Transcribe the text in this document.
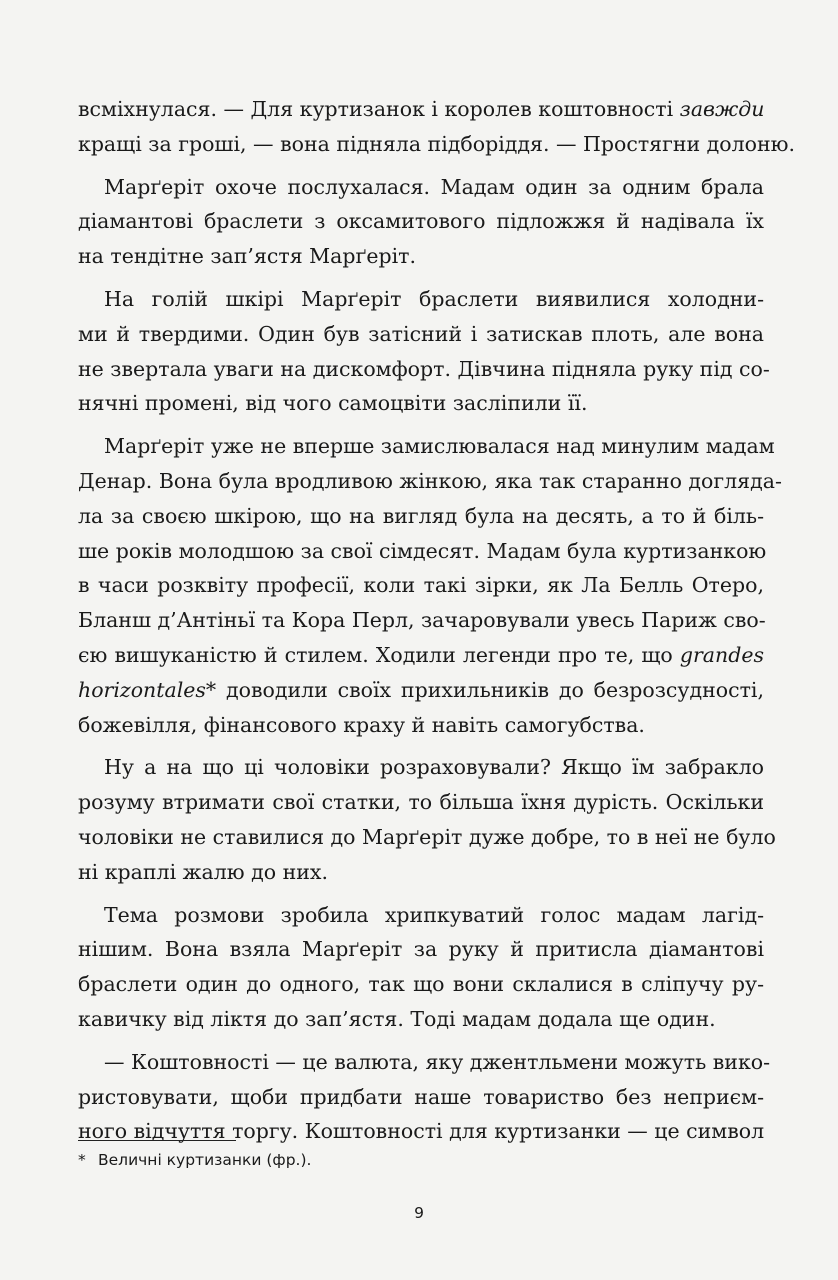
всміхнулася. — Для куртизанок і королев коштовності завжди
кращі за гроші, — вона підняла підборіддя. — Простягни долоню.

Марґеріт охоче послухалася. Мадам один за одним брала
діамантові браслети з оксамитового підложжя й надівала їх
на тендітне зап’ястя Марґеріт.

На голій шкірі Марґеріт браслети виявилися холодни-
ми й твердими. Один був затісний і затискав плоть, але вона
не звертала уваги на дискомфорт. Дівчина підняла руку під со-
нячні промені, від чого самоцвіти засліпили її.

Марґеріт уже не вперше замислювалася над минулим мадам
Денар. Вона була вродливою жінкою, яка так старанно догляда-
ла за своєю шкірою, що на вигляд була на десять, а то й біль-
ше років молодшою за свої сімдесят. Мадам була куртизанкою
в часи розквіту професії, коли такі зірки, як Ла Белль Отеро,
Бланш д’Антіньї та Кора Перл, зачаровували увесь Париж сво-
єю вишуканістю й стилем. Ходили легенди про те, що grandes
horizontales* доводили своїх прихильників до безрозсудності,
божевілля, фінансового краху й навіть самогубства.

Ну а на що ці чоловіки розраховували? Якщо їм забракло
розуму втримати свої статки, то більша їхня дурість. Оскільки
чоловіки не ставилися до Марґеріт дуже добре, то в неї не було
ні краплі жалю до них.

Тема розмови зробила хрипкуватий голос мадам лагід-
нішим. Вона взяла Марґеріт за руку й притисла діамантові
браслети один до одного, так що вони склалися в сліпучу ру-
кавичку від ліктя до зап’ястя. Тоді мадам додала ще один.

— Коштовності — це валюта, яку джентльмени можуть вико-
ристовувати, щоби придбати наше товариство без неприєм-
ного відчуття торгу. Коштовності для куртизанки — це символ

* Величні куртизанки (фр.).
9
